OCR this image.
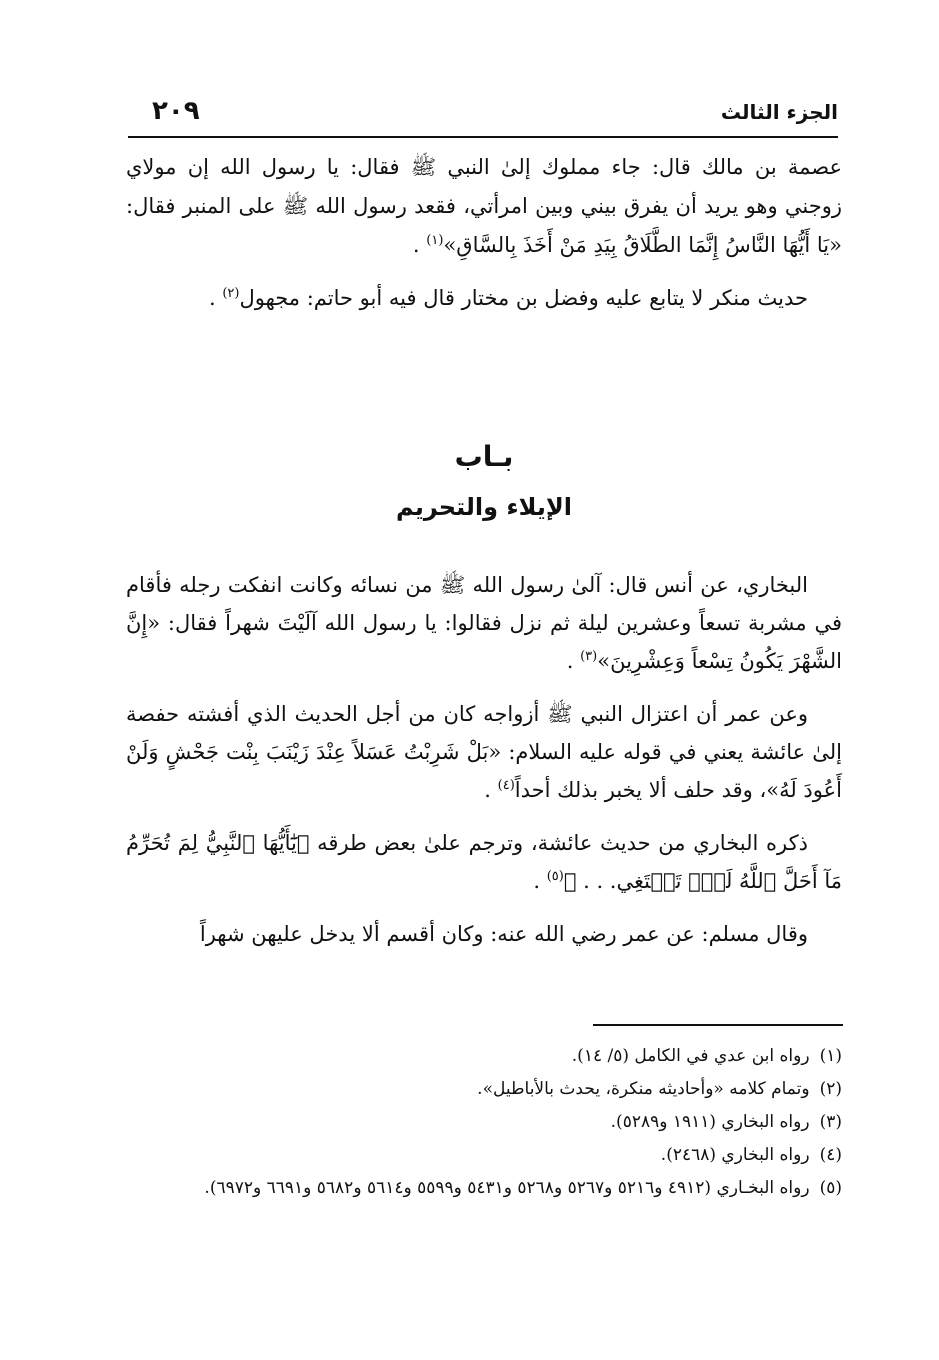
٢٠٩	الجزء الثالث

عصمة بن مالك قال: جاء مملوك إلىٰ النبي ﷺ فقال: يا رسول الله إن مولاي زوجني وهو يريد أن يفرق بيني وبين امرأتي، فقعد رسول الله ﷺ على المنبر فقال: «يَا أَيُّهَا النَّاسُ إِنَّمَا الطَّلَاقُ بِيَدِ مَنْ أَخَذَ بِالسَّاقِ»$^{(١)}$ .

حديث منكر لا يتابع عليه وفضل بن مختار قال فيه أبو حاتم: مجهول$^{(٢)}$ .

بـاب
الإيلاء والتحريم

البخاري، عن أنس قال: آلىٰ رسول الله ﷺ من نسائه وكانت انفكت رجله فأقام في مشربة تسعاً وعشرين ليلة ثم نزل فقالوا: يا رسول الله آلَيْتَ شهراً فقال: «إِنَّ الشَّهْرَ يَكُونُ تِسْعاً وَعِشْرِينَ»$^{(٣)}$ .

وعن عمر أن اعتزال النبي ﷺ أزواجه كان من أجل الحديث الذي أفشته حفصة إلىٰ عائشة يعني في قوله عليه السلام: «بَلْ شَرِبْتُ عَسَلاً عِنْدَ زَيْنَبَ بِنْت جَحْشٍ وَلَنْ أَعُودَ لَهُ»، وقد حلف ألا يخبر بذلك أحداً$^{(٤)}$ .

ذكره البخاري من حديث عائشة، وترجم علىٰ بعض طرقه ﴿يَٰٓأَيُّهَا ٱلنَّبِيُّ لِمَ تُحَرِّمُ مَآ أَحَلَّ ٱللَّهُ لَكَۖ تَبۡتَغِي. . . ﴾$^{(٥)}$ .

وقال مسلم: عن عمر رضي الله عنه: وكان أقسم ألا يدخل عليهن شهراً

(١)رواه ابن عدي في الكامل (٥/ ١٤).

(٢)وتمام كلامه «وأحاديثه منكرة، يحدث بالأباطيل».

(٣)رواه البخاري (١٩١١ و٥٢٨٩).

(٤)رواه البخاري (٢٤٦٨).

(٥)رواه البخـاري (٤٩١٢ و٥٢١٦ و٥٢٦٧ و٥٢٦٨ و٥٤٣١ و٥٥٩٩ و٥٦١٤ و٥٦٨٢ و٦٦٩١ و٦٩٧٢).
